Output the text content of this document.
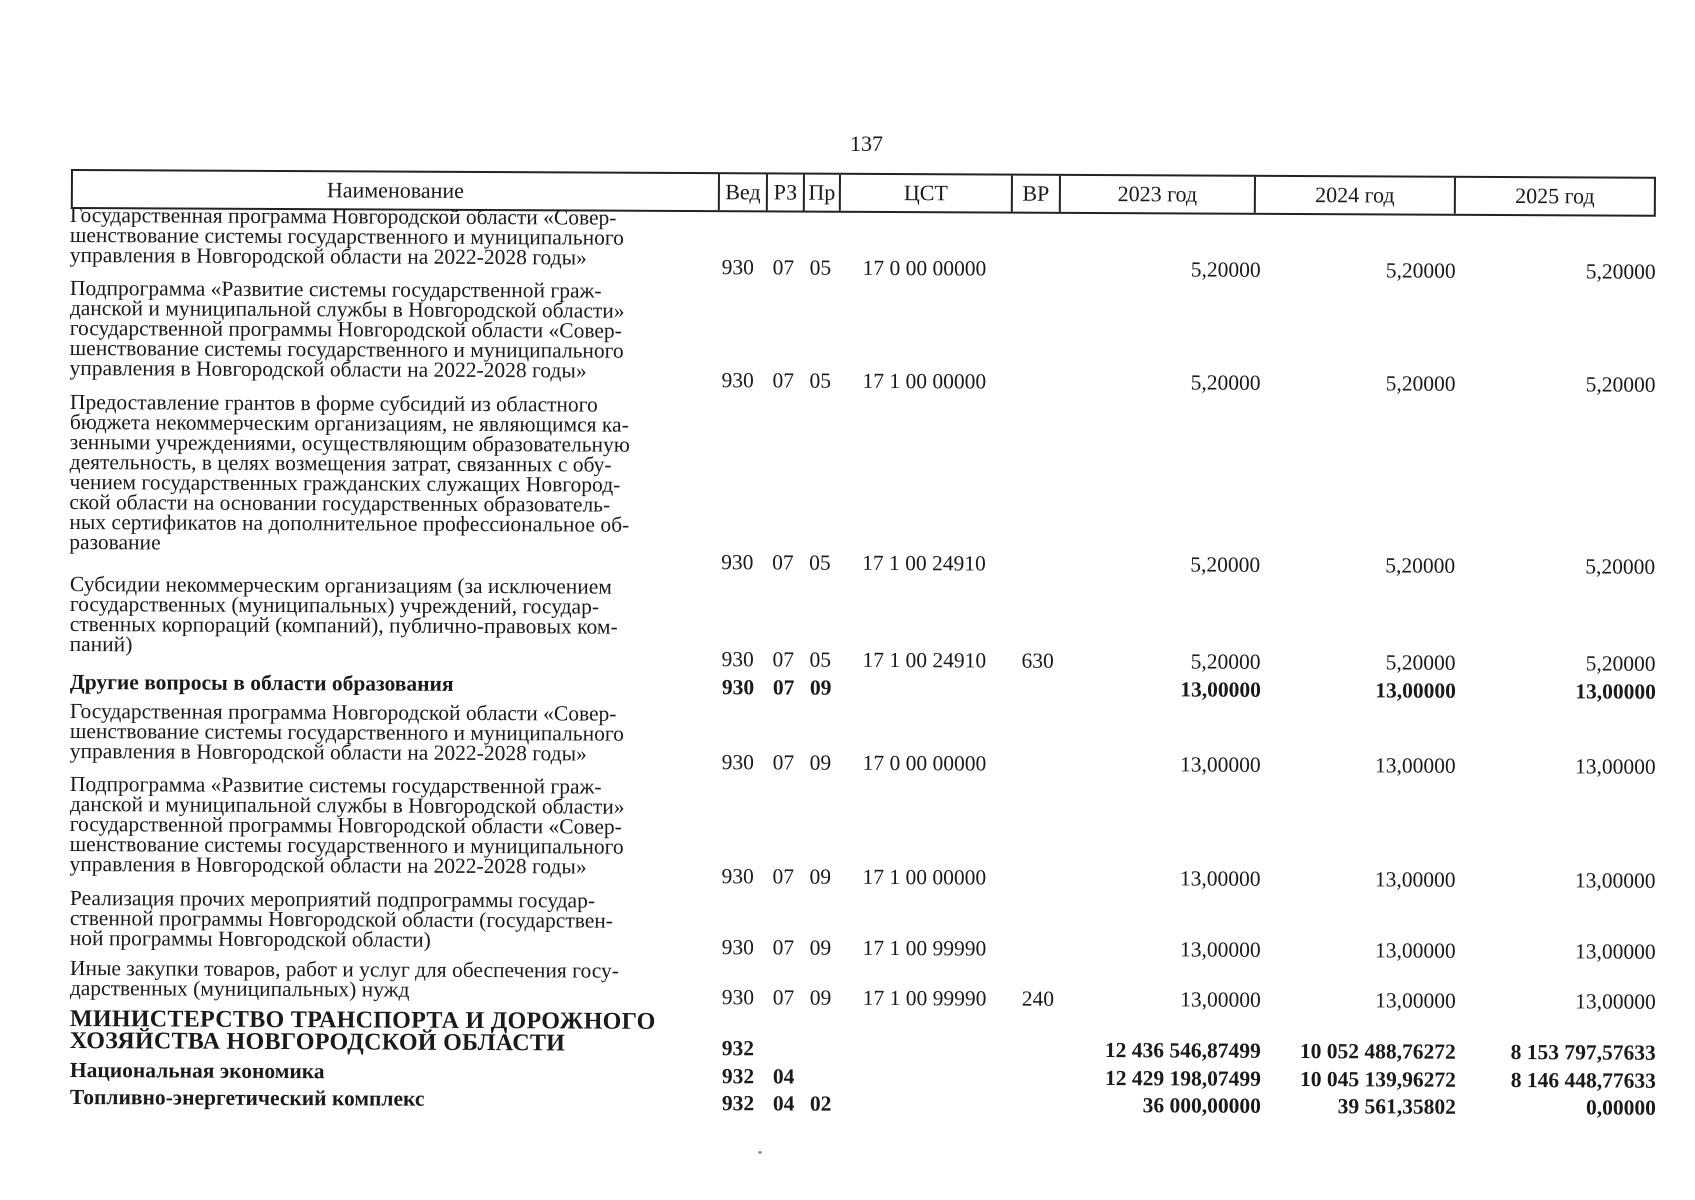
137
Наименование	Вед РЗ Пр	ЦСТ	ВР	2023 год	2024 год	2025 год
Государственная программа Новгородской области «Совер-
шенствование системы государственного и муниципального
управления в Новгородской области на 2022-2028 годы»	930 07 05	17 0 00 00000	5,20000	5,20000	5,20000
Подпрограмма «Развитие системы государственной граж-
данской и муниципальной службы в Новгородской области»
государственной программы Новгородской области «Совер-
шенствование системы государственного и муниципального
управления в Новгородской области на 2022-2028 годы»	930 07 05	17 1 00 00000	5,20000	5,20000	5,20000
Предоставление грантов в форме субсидий из областного
бюджета некоммерческим организациям, не являющимся ка-
зенными учреждениями, осуществляющим образовательную
деятельность, в целях возмещения затрат, связанных с обу-
чением государственных гражданских служащих Новгород-
ской области на основании государственных образователь-
ных сертификатов на дополнительное профессиональное об-
разование
930 07 05	17 1 00 24910	5,20000	5,20000	5,20000
Субсидии некоммерческим организациям (за исключением
государственных (муниципальных) учреждений, государ-
ственных корпораций (компаний), публично-правовых ком-
паний)
930 07 05	17 1 00 24910	630	5,20000	5,20000	5,20000
Другие вопросы в области образования	930 07 09	13,00000	13,00000	13,00000
Государственная программа Новгородской области «Совер-
шенствование системы государственного и муниципального
управления в Новгородской области на 2022-2028 годы»	930 07 09	17 0 00 00000	13,00000	13,00000	13,00000
Подпрограмма «Развитие системы государственной граж-
данской и муниципальной службы в Новгородской области»
государственной программы Новгородской области «Совер-
шенствование системы государственного и муниципального
управления в Новгородской области на 2022-2028 годы»	930 07 09	17 1 00 00000	13,00000	13,00000	13,00000
Реализация прочих мероприятий подпрограммы государ-
ственной программы Новгородской области (государствен-
ной программы Новгородской области)	930 07 09	17 1 00 99990	13,00000	13,00000	13,00000
Иные закупки товаров, работ и услуг для обеспечения госу-
дарственных (муниципальных) нужд	930 07 09	17 1 00 99990	240	13,00000	13,00000	13,00000
МИНИСТЕРСТВО ТРАНСПОРТА И ДОРОЖНОГО
ХОЗЯЙСТВА НОВГОРОДСКОЙ ОБЛАСТИ	932	12 436 546,87499	10 052 488,76272	8 153 797,57633
Национальная экономика	932 04	12 429 198,07499	10 045 139,96272	8 146 448,77633
Топливно-энергетический комплекс	932 04 02	36 000,00000	39 561,35802	0,00000
